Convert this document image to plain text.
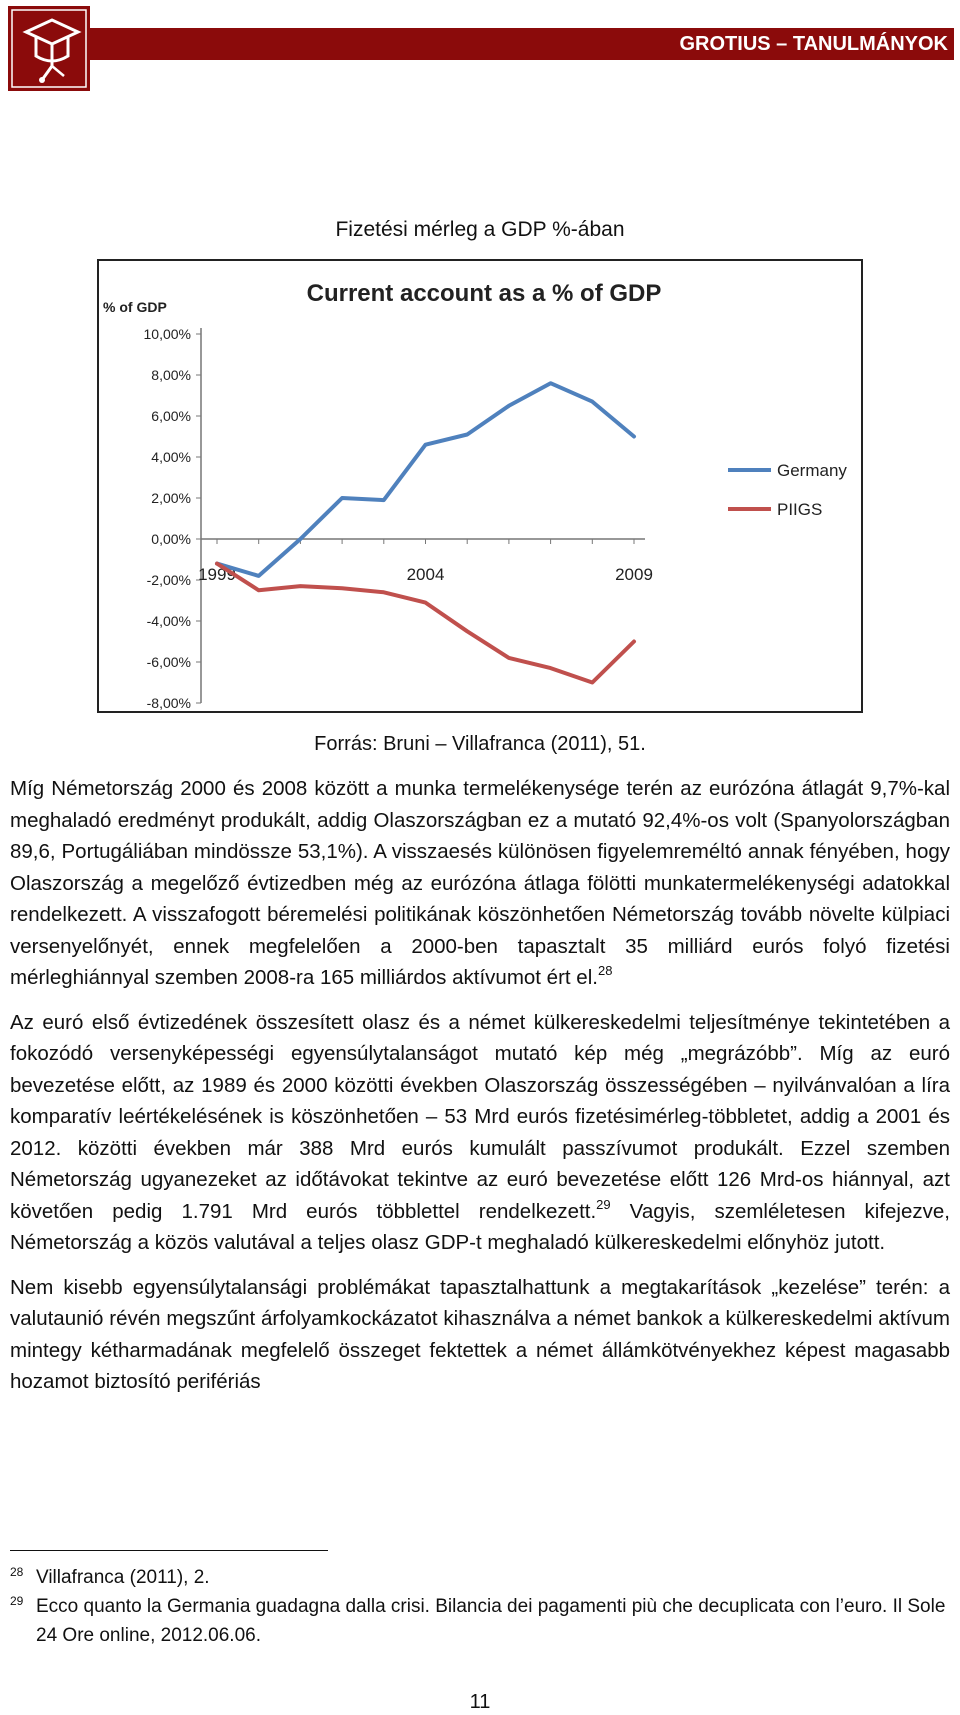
GROTIUS – TANULMÁNYOK
Fizetési mérleg a GDP %-ában
Current account as a % of GDP
% of GDP
10,00%
8,00%
6,00%
4,00%
2,00%
0,00%
-2,00%
-4,00%
-6,00%
-8,00%
1999	2004	2009
Germany
PIIGS
Forrás: Bruni – Villafranca (2011), 51.

Míg Németország 2000 és 2008 között a munka termelékenysége terén az eurózóna átlagát 9,7%-kal meghaladó eredményt produkált, addig Olaszországban ez a mutató 92,4%-os volt (Spanyolországban 89,6, Portugáliában mindössze 53,1%). A visszaesés különösen figyelemreméltó annak fényében, hogy Olaszország a megelőző évtizedben még az eurózóna átlaga fölötti munkatermelékenységi adatokkal rendelkezett. A visszafogott béremelési politikának köszönhetően Németország tovább növelte külpiaci versenyelőnyét, ennek megfelelően a 2000-ben tapasztalt 35 milliárd eurós folyó fizetési mérleghiánnyal szemben 2008-ra 165 milliárdos aktívumot ért el.$^{28}$

Az euró első évtizedének összesített olasz és a német külkereskedelmi teljesítménye tekintetében a fokozódó versenyképességi egyensúlytalanságot mutató kép még „megrázóbb”. Míg az euró bevezetése előtt, az 1989 és 2000 közötti években Olaszország összességében – nyilvánvalóan a líra komparatív leértékelésének is köszönhetően – 53 Mrd eurós fizetésimérleg-többletet, addig a 2001 és 2012. közötti években már 388 Mrd eurós kumulált passzívumot produkált. Ezzel szemben Németország ugyanezeket az időtávokat tekintve az euró bevezetése előtt 126 Mrd-os hiánnyal, azt követően pedig 1.791 Mrd eurós többlettel rendelkezett.$^{29}$ Vagyis, szemléletesen kifejezve, Németország a közös valutával a teljes olasz GDP-t meghaladó külkereskedelmi előnyhöz jutott.

Nem kisebb egyensúlytalansági problémákat tapasztalhattunk a megtakarítások „kezelése” terén: a valutaunió révén megszűnt árfolyamkockázatot kihasználva a német bankok a külkereskedelmi aktívum mintegy kétharmadának megfelelő összeget fektettek a német állámkötvényekhez képest magasabb hozamot biztosító perifériás

28 Villafranca (2011), 2.
29 Ecco quanto la Germania guadagna dalla crisi. Bilancia dei pagamenti più che decuplicata con l’euro. Il Sole 24 Ore online, 2012.06.06.
11
